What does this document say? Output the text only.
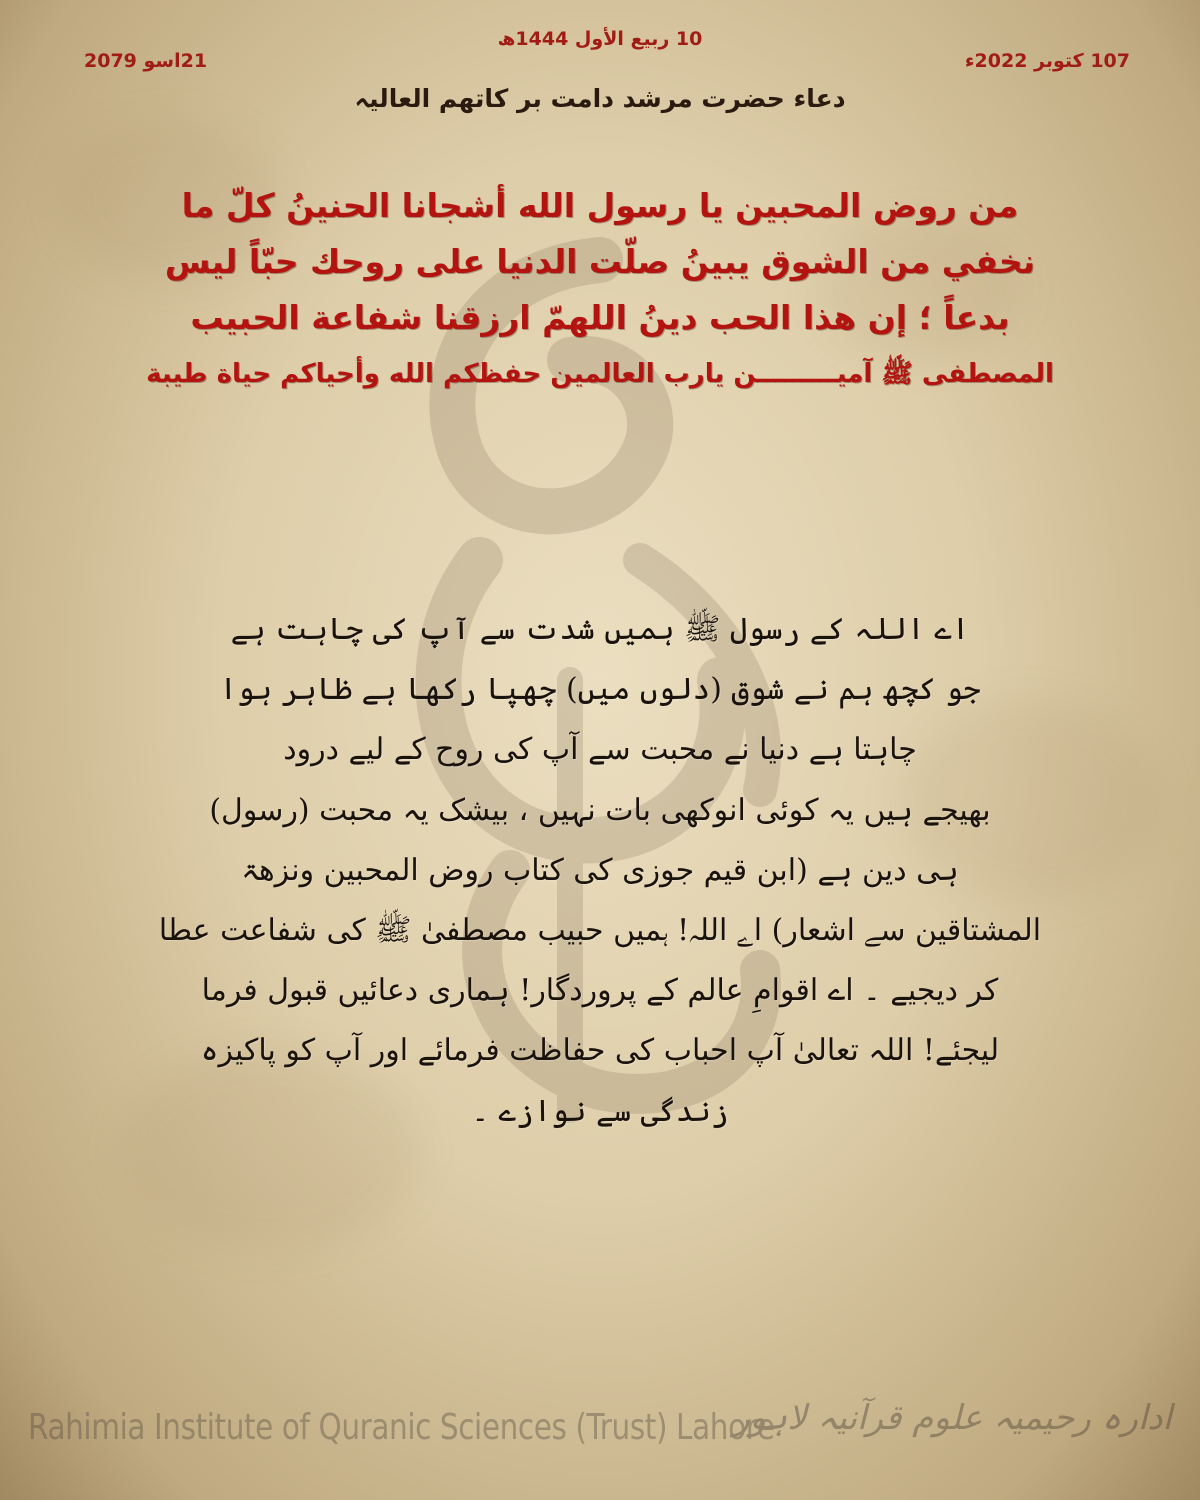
107 کتوبر 2022ء
10 ربیع الأول 1444ھ
21اسو 2079
دعاء حضرت مرشد دامت بر کاتھم العالیہ
من روض المحبين يا رسول الله أشجانا الحنينُ كلّ ما
نخفي من الشوق يبينُ صلّت الدنيا على روحك حبّاً ليس
بدعاً ؛ إن هذا الحب دينُ اللهمّ ارزقنا شفاعة الحبيب
المصطفى ﷺ آميـــــــــن يارب العالمين حفظكم الله وأحياكم حياة طيبة
اے اللہ کے رسول ﷺ ہمیں شدت سے آپ کی چاہت ہے
جو کچھ ہم نے شوق (دلوں میں) چھپا رکھا ہے ظاہر ہوا
چاہتا ہے دنیا نے محبت سے آپ کی روح کے لیے درود
بھیجے ہیں یہ کوئی انوکھی بات نہیں ، بیشک یہ محبت (رسول)
ہی دین ہے (ابن قیم جوزی کی کتاب روض المحبین ونزھۃ
المشتاقین سے اشعار) اے اللہ! ہمیں حبیب مصطفیٰ ﷺ کی شفاعت عطا
کر دیجیے ۔ اے اقوامِ عالم کے پروردگار! ہماری دعائیں قبول فرما
لیجئے! اللہ تعالیٰ آپ احباب کی حفاظت فرمائے اور آپ کو پاکیزہ
زندگی سے نوازے ۔
Rahimia Institute of Quranic Sciences (Trust) Lahore
ادارہ رحیمیہ علوم قرآنیہ لاہور
